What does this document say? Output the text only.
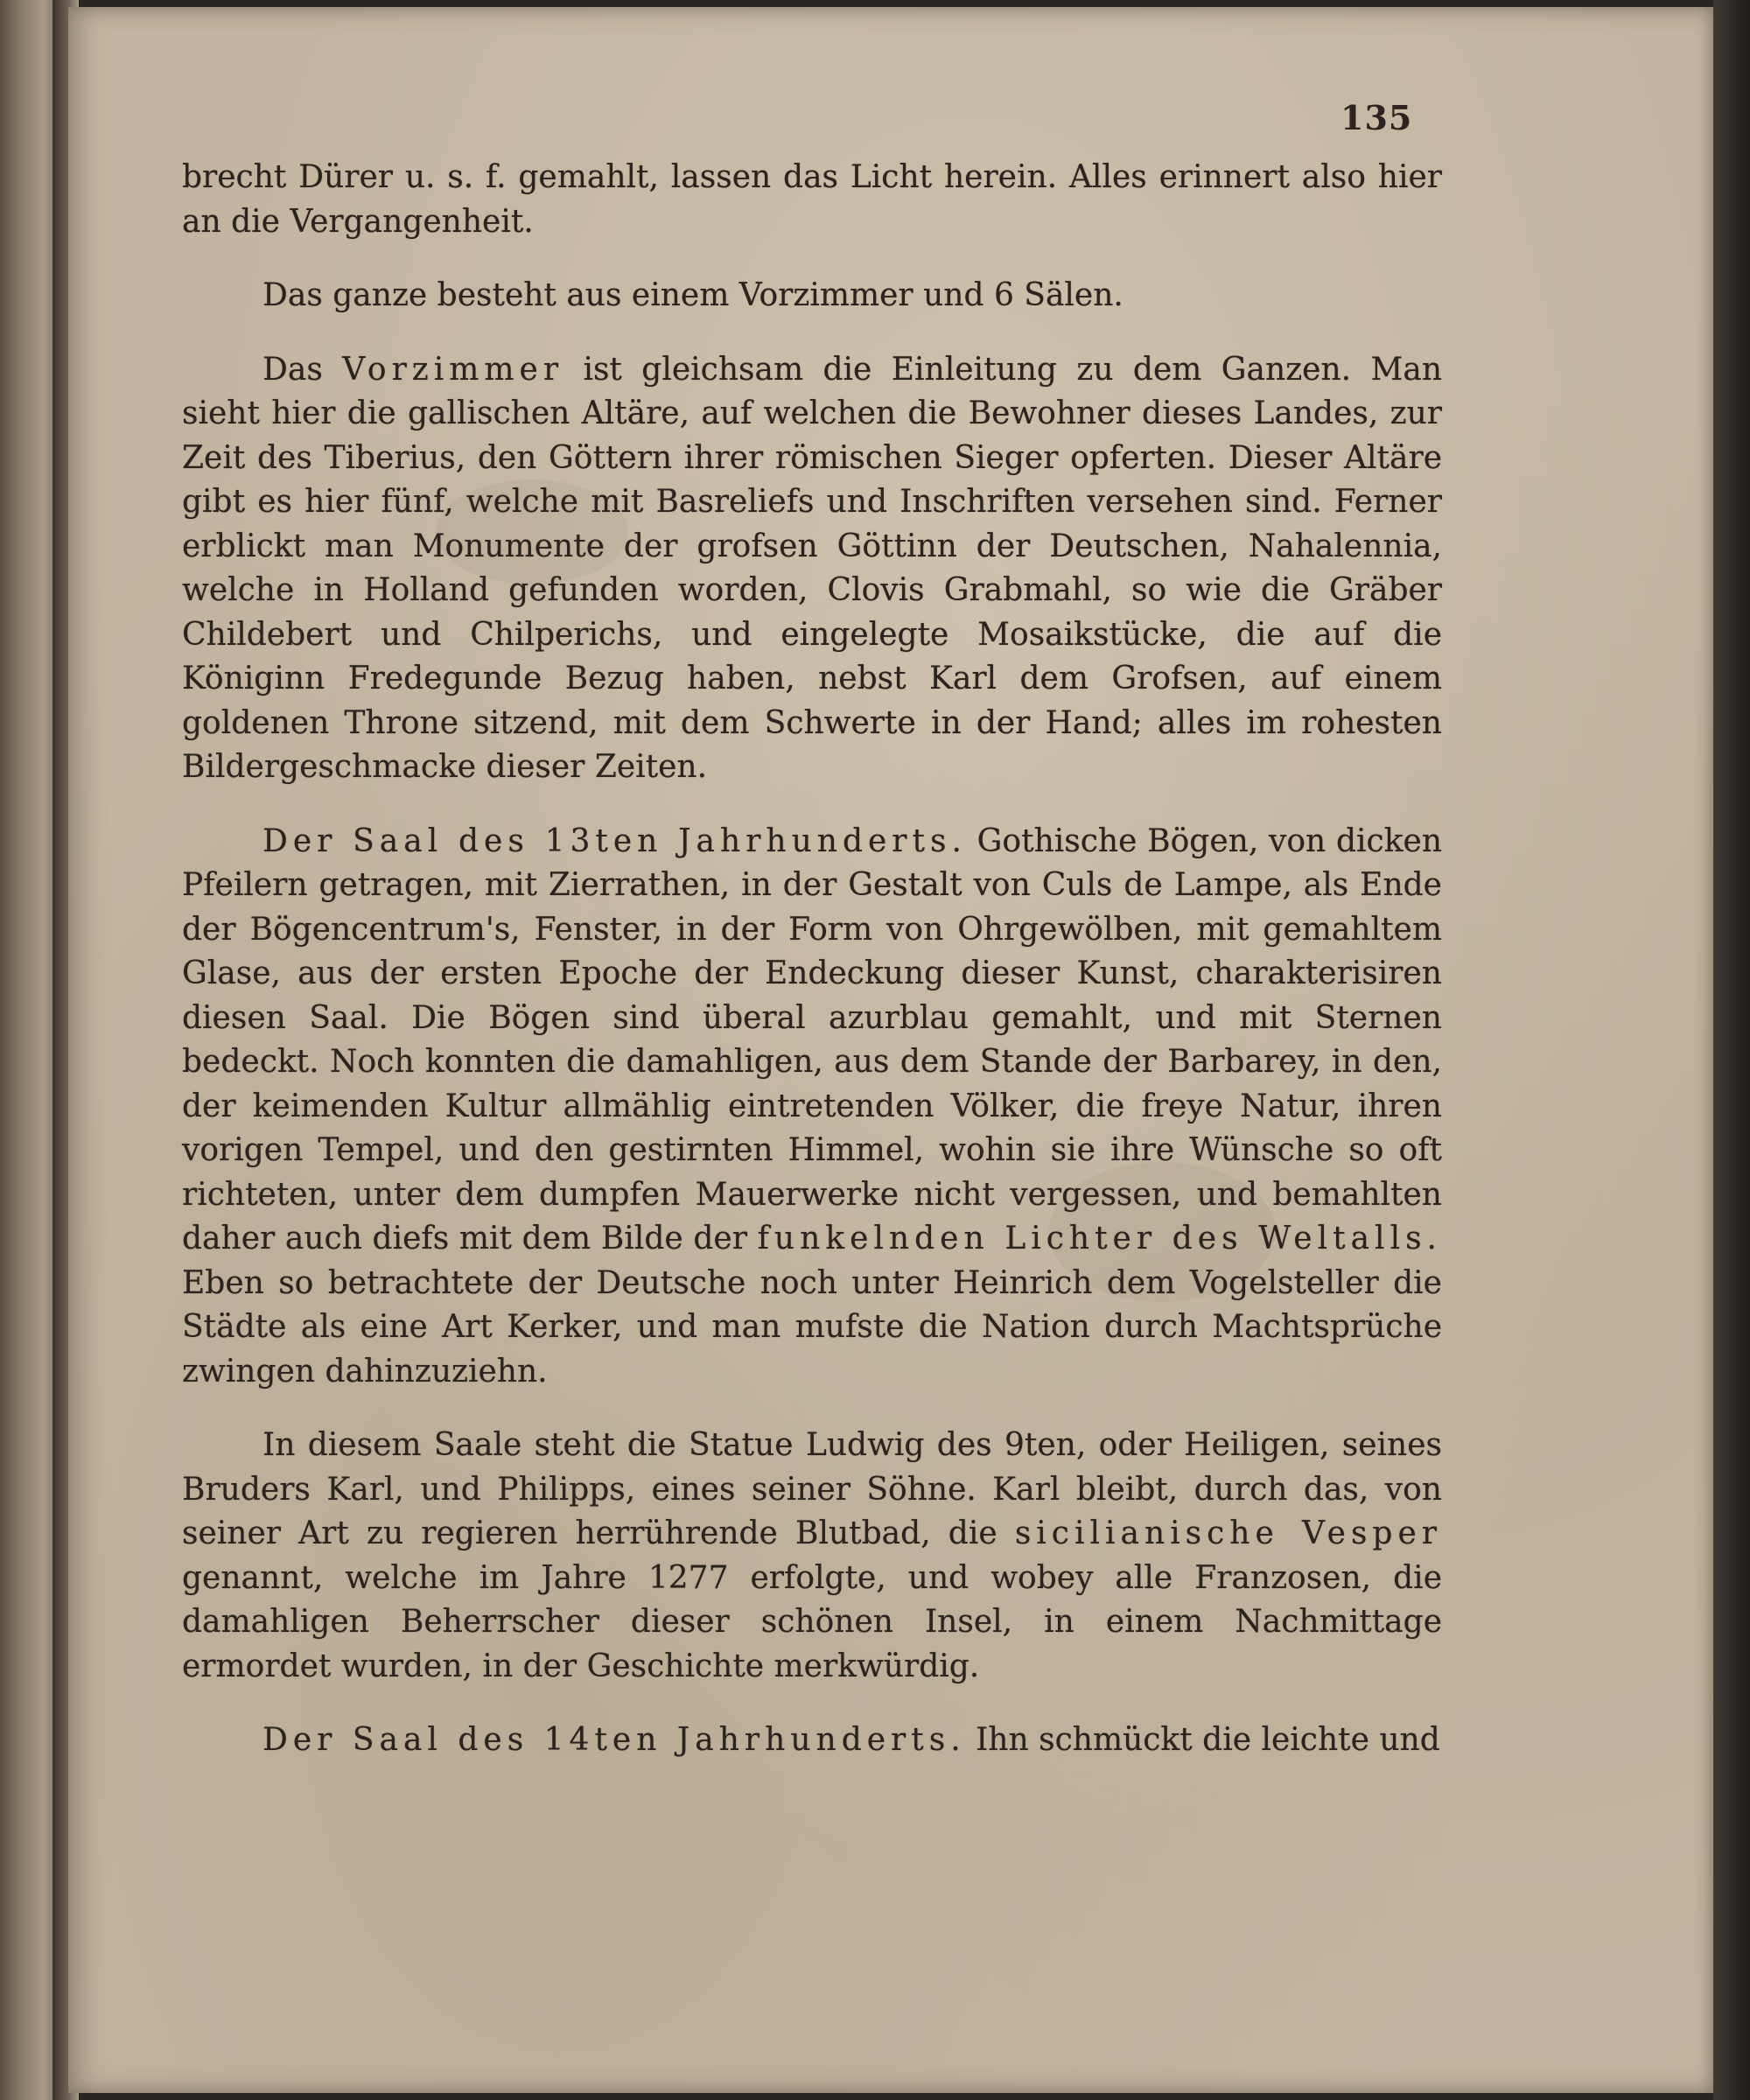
135

brecht Dürer u. s. f. gemahlt, lassen das Licht herein. Alles erinnert also hier an die Vergangenheit.

Das ganze besteht aus einem Vorzimmer und 6 Sälen.

Das Vorzimmer ist gleichsam die Einleitung zu dem Ganzen. Man sieht hier die gallischen Altäre, auf welchen die Bewohner dieses Landes, zur Zeit des Tiberius, den Göttern ihrer römischen Sieger opferten. Dieser Altäre gibt es hier fünf, welche mit Basreliefs und Inschriften versehen sind. Ferner erblickt man Monumente der grofsen Göttinn der Deutschen, Nahalennia, welche in Holland gefunden worden, Clovis Grabmahl, so wie die Gräber Childebert und Chilperichs, und eingelegte Mosaikstücke, die auf die Königinn Fredegunde Bezug haben, nebst Karl dem Grofsen, auf einem goldenen Throne sitzend, mit dem Schwerte in der Hand; alles im rohesten Bildergeschmacke dieser Zeiten.

Der Saal des 13ten Jahrhunderts. Gothische Bögen, von dicken Pfeilern getragen, mit Zierrathen, in der Gestalt von Culs de Lampe, als Ende der Bögencentrum's, Fenster, in der Form von Ohrgewölben, mit gemahltem Glase, aus der ersten Epoche der Endeckung dieser Kunst, charakterisiren diesen Saal. Die Bögen sind überal azurblau gemahlt, und mit Sternen bedeckt. Noch konnten die damahligen, aus dem Stande der Barbarey, in den, der keimenden Kultur allmählig eintretenden Völker, die freye Natur, ihren vorigen Tempel, und den gestirnten Himmel, wohin sie ihre Wünsche so oft richteten, unter dem dumpfen Mauerwerke nicht vergessen, und bemahlten daher auch diefs mit dem Bilde der funkelnden Lichter des Weltalls. Eben so betrachtete der Deutsche noch unter Heinrich dem Vogelsteller die Städte als eine Art Kerker, und man mufste die Nation durch Machtsprüche zwingen dahinzuziehn.

In diesem Saale steht die Statue Ludwig des 9ten, oder Heiligen, seines Bruders Karl, und Philipps, eines seiner Söhne. Karl bleibt, durch das, von seiner Art zu regieren herrührende Blutbad, die sicilianische Vesper genannt, welche im Jahre 1277 erfolgte, und wobey alle Franzosen, die damahligen Beherrscher dieser schönen Insel, in einem Nachmittage ermordet wurden, in der Geschichte merkwürdig.

Der Saal des 14ten Jahrhunderts. Ihn schmückt die leichte und
